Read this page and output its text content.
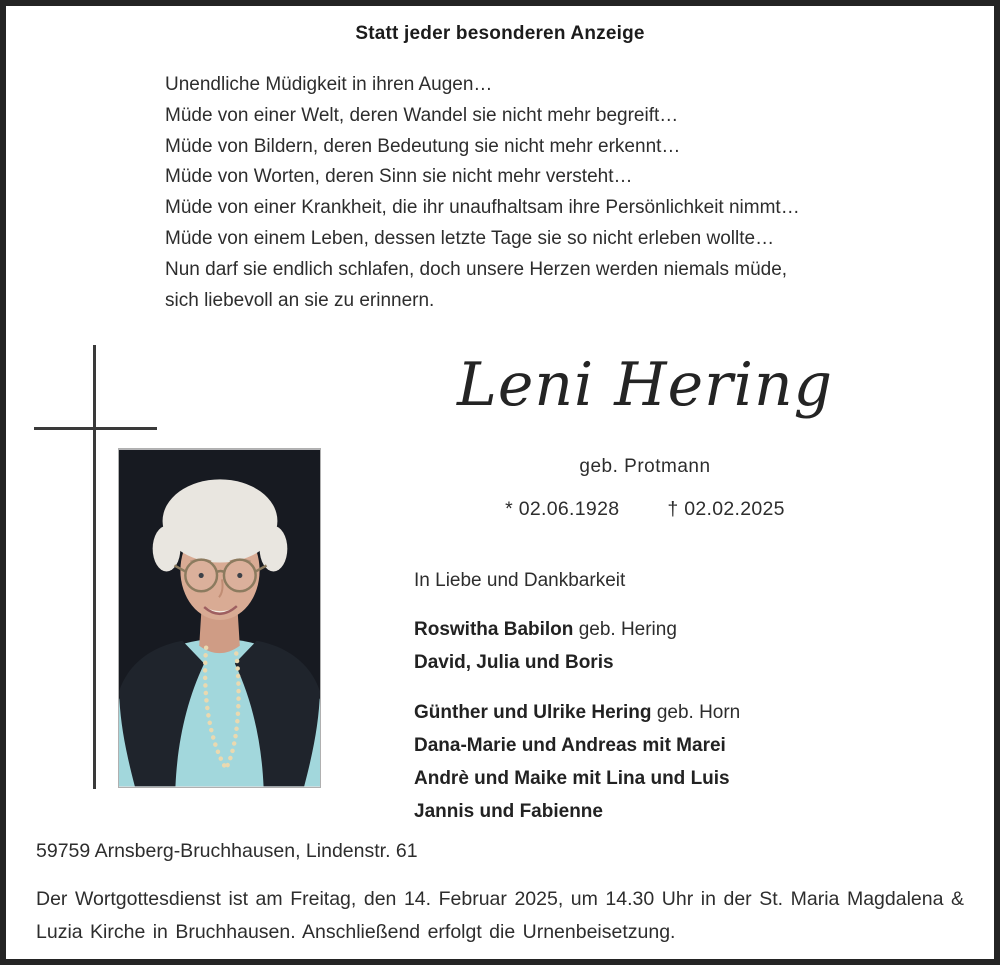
Statt jeder besonderen Anzeige
Unendliche Müdigkeit in ihren Augen…
Müde von einer Welt, deren Wandel sie nicht mehr begreift…
Müde von Bildern, deren Bedeutung sie nicht mehr erkennt…
Müde von Worten, deren Sinn sie nicht mehr versteht…
Müde von einer Krankheit, die ihr unaufhaltsam ihre Persönlichkeit nimmt…
Müde von einem Leben, dessen letzte Tage sie so nicht erleben wollte…
Nun darf sie endlich schlafen, doch unsere Herzen werden niemals müde,
sich liebevoll an sie zu erinnern.
Leni Hering
geb. Protmann
* 02.06.1928 † 02.02.2025
In Liebe und Dankbarkeit
Roswitha Babilon geb. Hering
David, Julia und Boris
Günther und Ulrike Hering geb. Horn
Dana-Marie und Andreas mit Marei
Andrè und Maike mit Lina und Luis
Jannis und Fabienne
59759 Arnsberg-Bruchhausen, Lindenstr. 61
Der Wortgottesdienst ist am Freitag, den 14. Februar 2025, um 14.30 Uhr in der St. Maria Magdalena & Luzia Kirche in Bruchhausen. Anschließend erfolgt die Urnenbeisetzung.
